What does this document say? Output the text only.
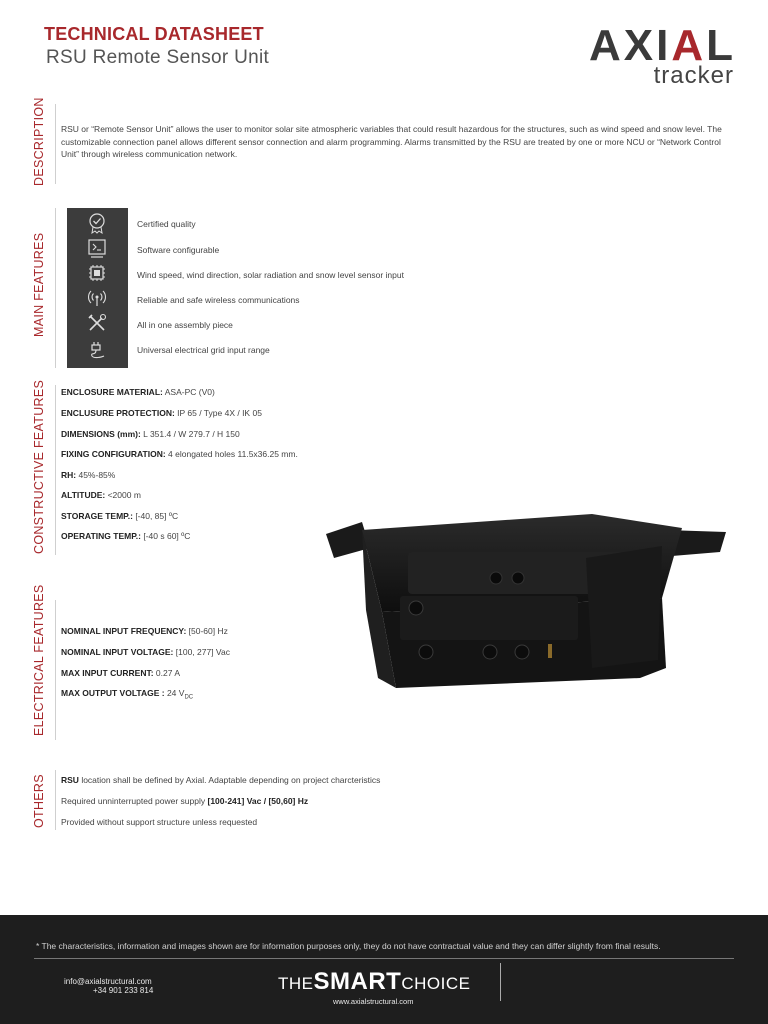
TECHNICAL DATASHEET
RSU Remote Sensor Unit	AXIAL
tracker
DESCRIPTION	RSU or “Remote Sensor Unit” allows the user to monitor solar site atmospheric variables that could result hazardous for the structures, such as wind speed and snow level. The customizable connection panel allows different sensor connection and alarm programming. Alarms transmitted by the RSU are treated by one or more NCU or “Network Control Unit” through wireless communication network.
MAIN FEATURES
Certified quality
Software configurable
Wind speed, wind direction, solar radiation and snow level sensor input
Reliable and safe wireless communications
All in one assembly piece
Universal electrical grid input range
CONSTRUCTIVE FEATURES	ENCLOSURE MATERIAL: ASA-PC (V0)
ENCLUSURE PROTECTION: IP 65 / Type 4X / IK 05
DIMENSIONS (mm): L 351.4 / W 279.7 / H 150
FIXING CONFIGURATION: 4 elongated holes 11.5x36.25 mm.
RH: 45%-85%
ALTITUDE: <2000 m
STORAGE TEMP.: [-40, 85] ºC
OPERATING TEMP.: [-40 s 60] ºC
ELECTRICAL FEATURES	NOMINAL INPUT FREQUENCY: [50-60] Hz
NOMINAL INPUT VOLTAGE: [100, 277] Vac
MAX INPUT CURRENT: 0.27 A
MAX OUTPUT VOLTAGE : 24 $V_{DC}$
OTHERS	RSU location shall be defined by Axial. Adaptable depending on project charcteristics
Required unninterrupted power supply [100-241] Vac / [50,60] Hz
Provided without support structure unless requested
* The characteristics, information and images shown are for information purposes only, they do not have contractual value and they can differ slightly from final results.
info@axialstructural.com
+34 901 233 814	THESMARTCHOICE
www.axialstructural.com
